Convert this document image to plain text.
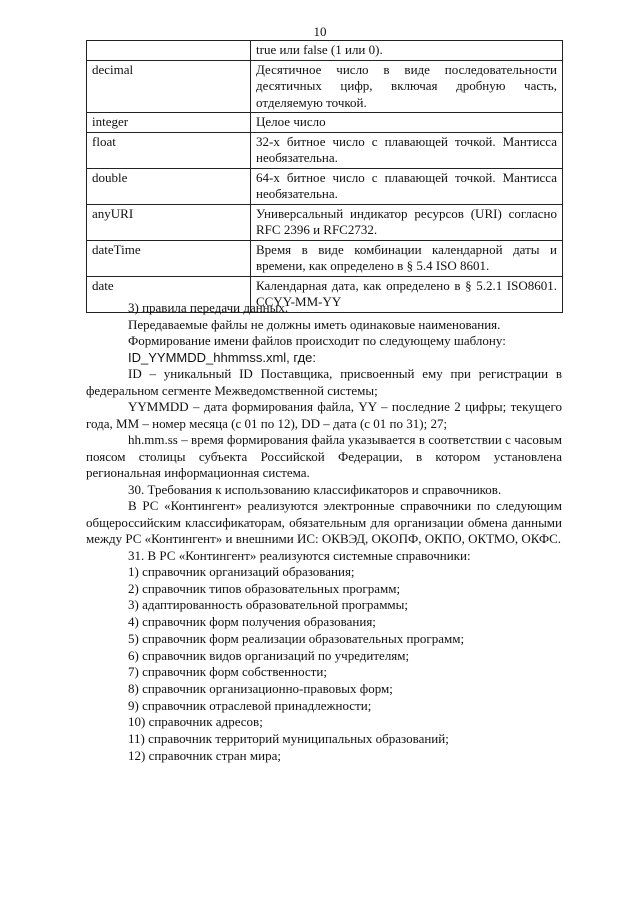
10
	true или false (1 или 0).
decimal	Десятичное число в виде последовательности десятичных цифр, включая дробную часть, отделяемую точкой.
integer	Целое число
float	32-х битное число с плавающей точкой. Мантисса необязательна.
double	64-х битное число с плавающей точкой. Мантисса необязательна.
anyURI	Универсальный индикатор ресурсов (URI) согласно RFC 2396 и RFC2732.
dateTime	Время в виде комбинации календарной даты и времени, как определено в § 5.4 ISO 8601.
date	Календарная дата, как определено в § 5.2.1 ISO8601. CCYY-MM-YY

3) правила передачи данных.

Передаваемые файлы не должны иметь одинаковые наименования.

Формирование имени файлов происходит по следующему шаблону:

ID_YYMMDD_hhmmss.xml, где:

ID – уникальный ID Поставщика, присвоенный ему при регистрации в федеральном сегменте Межведомственной системы;

YYMMDD – дата формирования файла, YY – последние 2 цифры; текущего года, MM – номер месяца (с 01 по 12), DD – дата (с 01 по 31); 27;

hh.mm.ss – время формирования файла указывается в соответствии с часовым поясом столицы субъекта Российской Федерации, в котором установлена региональная информационная система.

30. Требования к использованию классификаторов и справочников.

В РС «Контингент» реализуются электронные справочники по следующим общероссийским классификаторам, обязательным для организации обмена данными между РС «Контингент» и внешними ИС: ОКВЭД, ОКОПФ, ОКПО, ОКТМО, ОКФС.

31. В РС «Контингент» реализуются системные справочники:

1) справочник организаций образования;
2) справочник типов образовательных программ;
3) адаптированность образовательной программы;
4) справочник форм получения образования;
5) справочник форм реализации образовательных программ;
6) справочник видов организаций по учредителям;
7) справочник форм собственности;
8) справочник организационно-правовых форм;
9) справочник отраслевой принадлежности;
10) справочник адресов;
11) справочник территорий муниципальных образований;
12) справочник стран мира;
